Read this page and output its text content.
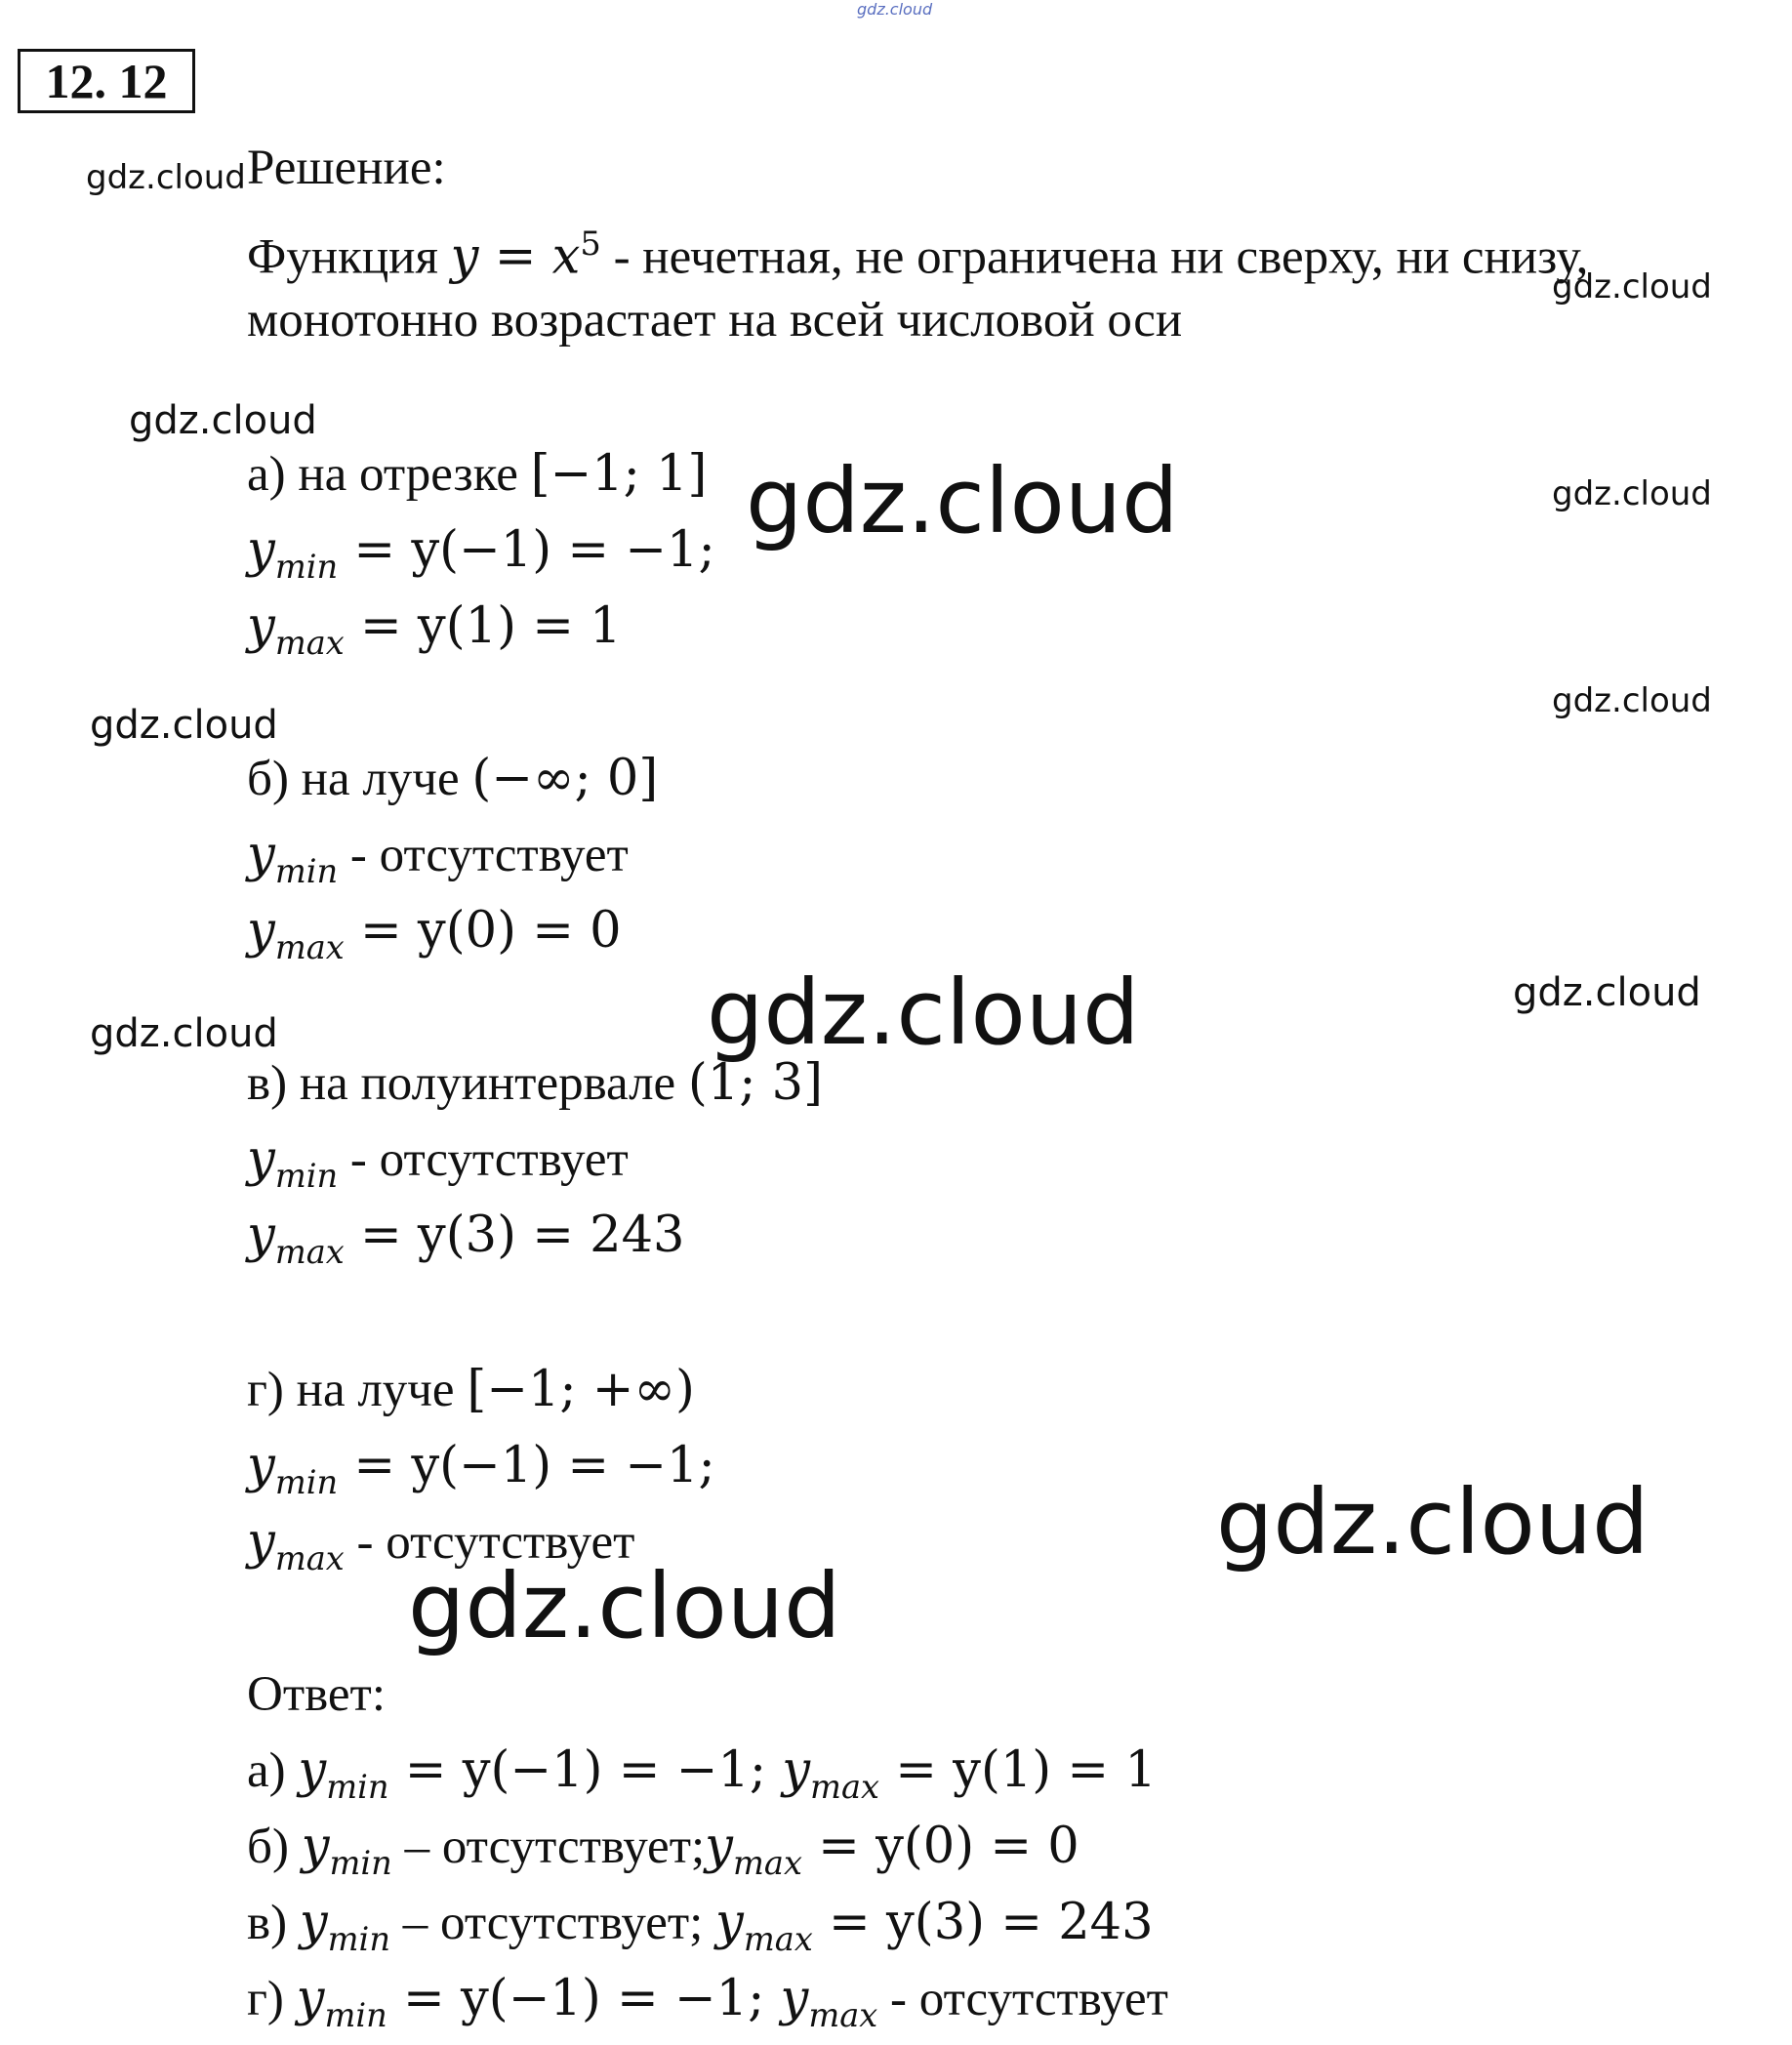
gdz.cloud
gdz.cloud
gdz.cloud
gdz.cloud
gdz.cloud	gdz.cloud
gdz.cloud
gdz.cloud
gdz.cloud	gdz.cloud
gdz.cloud
gdz.cloud
gdz.cloud
12. 12
Решение:
Функция $y = x^5$ - нечетная, не ограничена ни сверху, ни снизу,
монотонно возрастает на всей числовой оси
а) на отрезке [−1; 1]
$y_{min} = y(-1) = -1$;
$y_{max} = y(1) = 1$
б) на луче (−∞; 0]
$y_{min}$ - отсутствует
$y_{max} = y(0) = 0$
в) на полуинтервале (1; 3]
$y_{min}$ - отсутствует
$y_{max} = y(3) = 243$
г) на луче [−1; +∞)
$y_{min} = y(-1) = -1$;
$y_{max}$ - отсутствует
Ответ:
а) $y_{min} = y(-1) = -1$; $y_{max} = y(1) = 1$
б) $y_{min}$ – $отсутствует;y_{max} = y(0) = 0$
в) $y_{min}$ – отсутствует; $y_{max} = y(3) = 243$
г) $y_{min} = y(-1) = -1$; $y_{max}$ - отсутствует
